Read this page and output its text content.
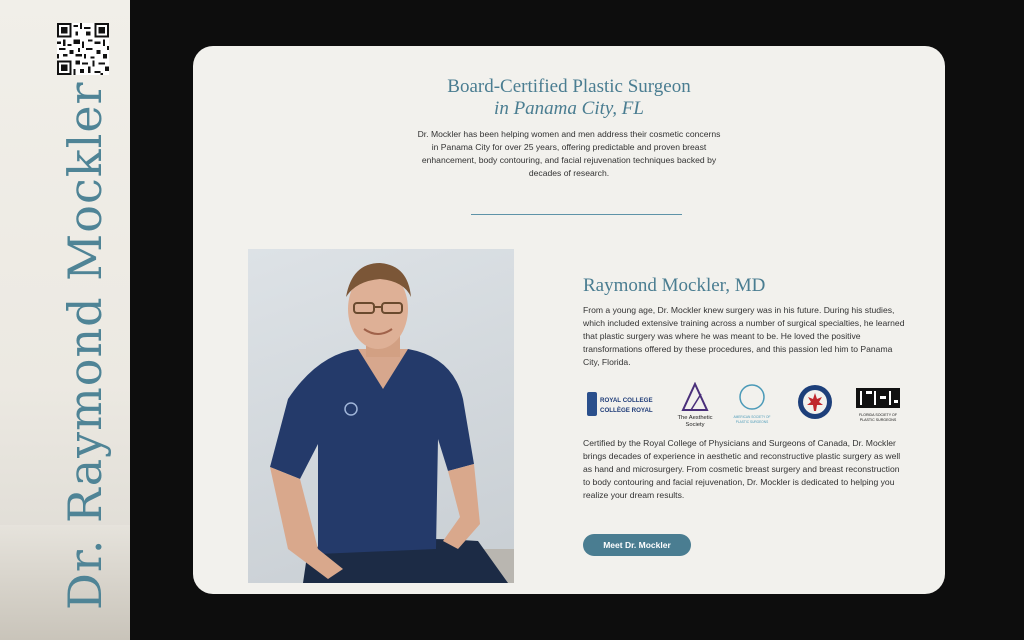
Dr. Raymond Mockler	Board-Certified Plastic Surgeon
in Panama City, FL
Dr. Mockler has been helping women and men address their cosmetic concerns in Panama City for over 25 years, offering predictable and proven breast enhancement, body contouring, and facial rejuvenation techniques backed by decades of research.
Raymond Mockler, MD
From a young age, Dr. Mockler knew surgery was in his future. During his studies, which included extensive training across a number of surgical specialties, he learned that plastic surgery was where he was meant to be. He loved the positive transformations offered by these procedures, and this passion led him to Panama City, Florida.
ROYAL COLLEGE
COLLÈGE ROYAL
The Aesthetic
Society
AMERICAN SOCIETY OF
PLASTIC SURGEONS
FLORIDA SOCIETY OF
PLASTIC SURGEONS
Certified by the Royal College of Physicians and Surgeons of Canada, Dr. Mockler brings decades of experience in aesthetic and reconstructive plastic surgery as well as hand and microsurgery. From cosmetic breast surgery and breast reconstruction to body contouring and facial rejuvenation, Dr. Mockler is dedicated to helping you realize your dream results.
Meet Dr. Mockler
